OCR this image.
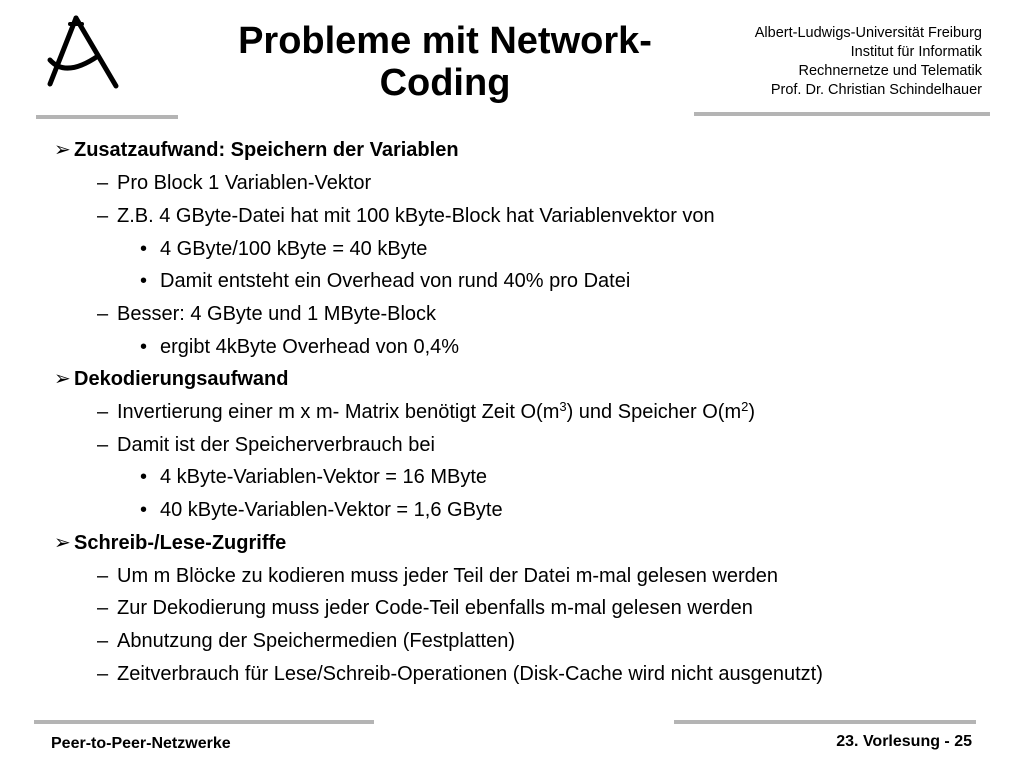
Probleme mit Network-
Coding
Albert-Ludwigs-Universität Freiburg
Institut für Informatik
Rechnernetze und Telematik
Prof. Dr. Christian Schindelhauer
➢ Zusatzaufwand: Speichern der Variablen
– Pro Block 1 Variablen-Vektor
– Z.B. 4 GByte-Datei hat mit 100 kByte-Block hat Variablenvektor von
• 4 GByte/100 kByte = 40 kByte
• Damit entsteht ein Overhead von rund 40% pro Datei
– Besser: 4 GByte und 1 MByte-Block
• ergibt 4kByte Overhead von 0,4%
➢ Dekodierungsaufwand
– Invertierung einer m x m- Matrix benötigt Zeit $O(m^3)$ und Speicher $O(m^2)$
– Damit ist der Speicherverbrauch bei
• 4 kByte-Variablen-Vektor = 16 MByte
• 40 kByte-Variablen-Vektor = 1,6 GByte
➢ Schreib-/Lese-Zugriffe
– Um m Blöcke zu kodieren muss jeder Teil der Datei m-mal gelesen werden
– Zur Dekodierung muss jeder Code-Teil ebenfalls m-mal gelesen werden
– Abnutzung der Speichermedien (Festplatten)
– Zeitverbrauch für Lese/Schreib-Operationen (Disk-Cache wird nicht ausgenutzt)
Peer-to-Peer-Netzwerke	23. Vorlesung - 25
